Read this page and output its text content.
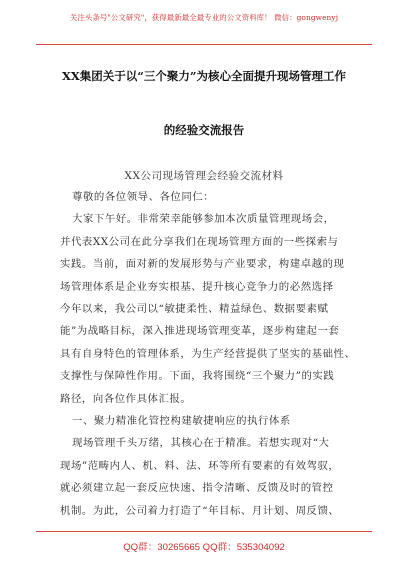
关注头条号"公文研究"，获得最新最全最专业的公文资料库！ 微信：gongwenyj
XX集团关于以“三个聚力”为核心全面提升现场管理工作
的经验交流报告
XX公司现场管理会经验交流材料
尊敬的各位领导、各位同仁：
大家下午好。非常荣幸能够参加本次质量管理现场会，
并代表XX公司在此分享我们在现场管理方面的一些探索与
实践。当前，面对新的发展形势与产业要求，构建卓越的现
场管理体系是企业夯实根基、提升核心竞争力的必然选择
今年以来，我公司以“敏捷柔性、精益绿色、数据要素赋
能”为战略目标，深入推进现场管理变革，逐步构建起一套
具有自身特色的管理体系，为生产经营提供了坚实的基础性、
支撑性与保障性作用。下面，我将围绕“三个聚力”的实践
路径，向各位作具体汇报。
一、聚力精准化管控构建敏捷响应的执行体系
现场管理千头万绪，其核心在于精准。若想实现对“大
现场”范畴内人、机、料、法、环等所有要素的有效驾驭，
就必须建立起一套反应快速、指令清晰、反馈及时的管控
机制。为此，公司着力打造了“年目标、月计划、周反馈、
QQ群：30265665 QQ群：535304092
